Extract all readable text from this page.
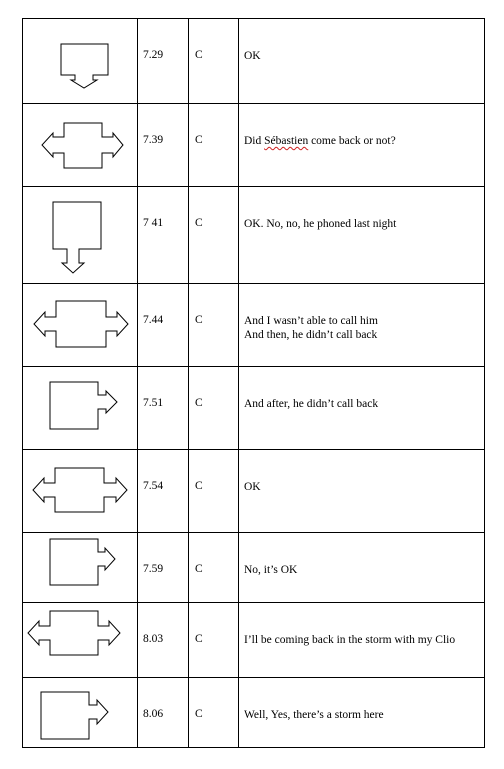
	7.29	C	OK

	7.39	C	Did Sébastien come back or not?

	7 41	C	OK. No, no, he phoned last night

	7.44	C	And I wasn’t able to call him
And then, he didn’t call back

	7.51	C	And after, he didn’t call back

	7.54	C	OK

	7.59	C	No, it’s OK

	8.03	C	I’ll be coming back in the storm with my Clio

	8.06	C	Well, Yes, there’s a storm here
